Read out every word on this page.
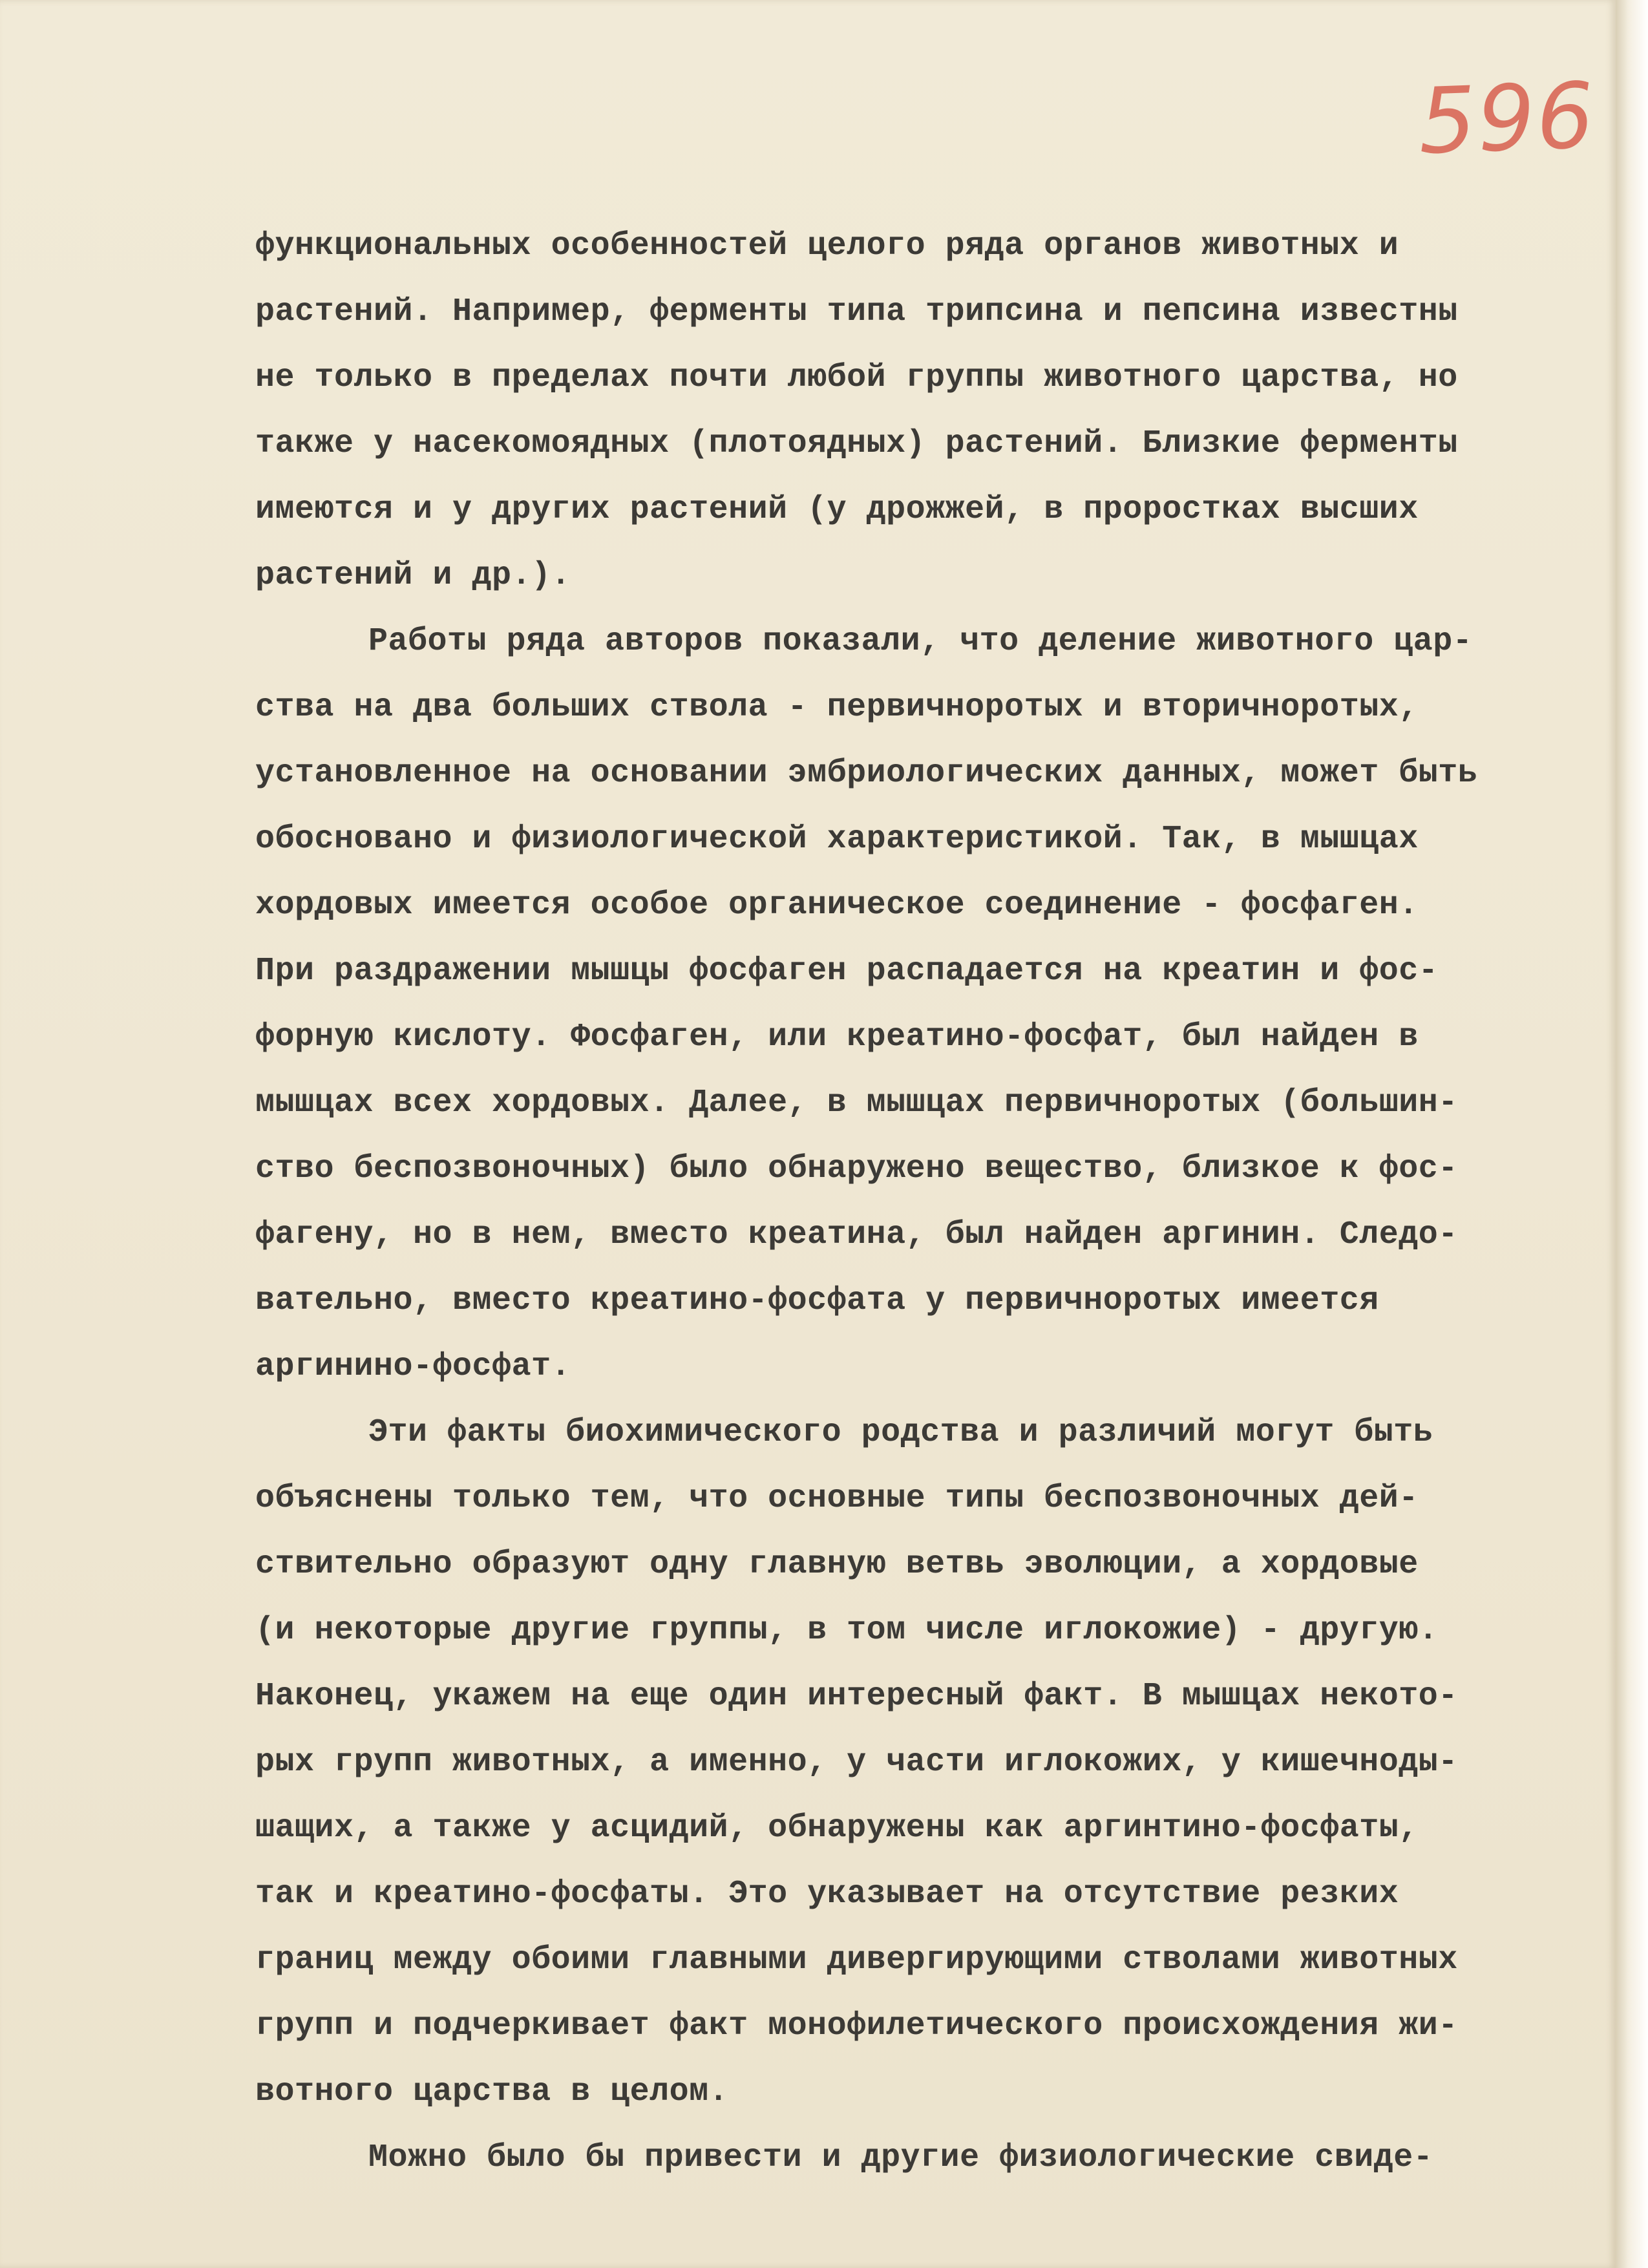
596
функциональных особенностей целого ряда органов животных и
растений. Например, ферменты типа трипсина и пепсина известны
не только в пределах почти любой группы животного царства, но
также у насекомоядных (плотоядных) растений. Близкие ферменты
имеются и у других растений (у дрожжей, в проростках высших
растений и др.).
Работы ряда авторов показали, что деление животного цар-
ства на два больших ствола - первичноротых и вторичноротых,
установленное на основании эмбриологических данных, может быть
обосновано и физиологической характеристикой. Так, в мышцах
хордовых имеется особое органическое соединение - фосфаген.
При раздражении мышцы фосфаген распадается на креатин и фос-
форную кислоту. Фосфаген, или креатино-фосфат, был найден в
мышцах всех хордовых. Далее, в мышцах первичноротых (большин-
ство беспозвоночных) было обнаружено вещество, близкое к фос-
фагену, но в нем, вместо креатина, был найден аргинин. Следо-
вательно, вместо креатино-фосфата у первичноротых имеется
аргинино-фосфат.
Эти факты биохимического родства и различий могут быть
объяснены только тем, что основные типы беспозвоночных дей-
ствительно образуют одну главную ветвь эволюции, а хордовые
(и некоторые другие группы, в том числе иглокожие) - другую.
Наконец, укажем на еще один интересный факт. В мышцах некото-
рых групп животных, а именно, у части иглокожих, у кишечноды-
шащих, а также у асцидий, обнаружены как аргинтино-фосфаты,
так и креатино-фосфаты. Это указывает на отсутствие резких
границ между обоими главными дивергирующими стволами животных
групп и подчеркивает факт монофилетического происхождения жи-
вотного царства в целом.
Можно было бы привести и другие физиологические свиде-
